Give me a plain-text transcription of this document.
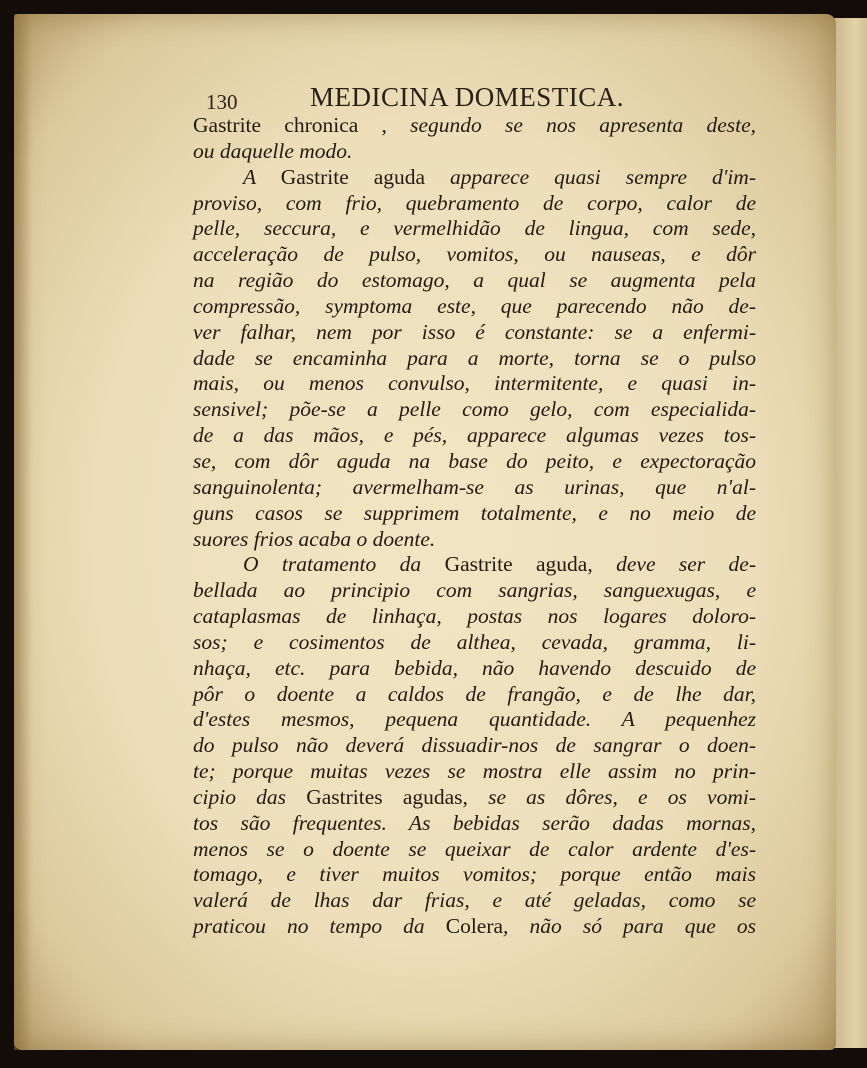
130	MEDICINA DOMESTICA.
Gastrite chronica , segundo se nos apresenta deste,
ou daquelle modo.
A Gastrite aguda apparece quasi sempre d'im-
proviso, com frio, quebramento de corpo, calor de
pelle, seccura, e vermelhidão de lingua, com sede,
acceleração de pulso, vomitos, ou nauseas, e dôr
na região do estomago, a qual se augmenta pela
compressão, symptoma este, que parecendo não de-
ver falhar, nem por isso é constante: se a enfermi-
dade se encaminha para a morte, torna se o pulso
mais, ou menos convulso, intermitente, e quasi in-
sensivel; põe-se a pelle como gelo, com especialida-
de a das mãos, e pés, apparece algumas vezes tos-
se, com dôr aguda na base do peito, e expectoração
sanguinolenta; avermelham-se as urinas, que n'al-
guns casos se supprimem totalmente, e no meio de
suores frios acaba o doente.
O tratamento da Gastrite aguda, deve ser de-
bellada ao principio com sangrias, sanguexugas, e
cataplasmas de linhaça, postas nos logares doloro-
sos; e cosimentos de althea, cevada, gramma, li-
nhaça, etc. para bebida, não havendo descuido de
pôr o doente a caldos de frangão, e de lhe dar,
d'estes mesmos, pequena quantidade. A pequenhez
do pulso não deverá dissuadir-nos de sangrar o doen-
te; porque muitas vezes se mostra elle assim no prin-
cipio das Gastrites agudas, se as dôres, e os vomi-
tos são frequentes. As bebidas serão dadas mornas,
menos se o doente se queixar de calor ardente d'es-
tomago, e tiver muitos vomitos; porque então mais
valerá de lhas dar frias, e até geladas, como se
praticou no tempo da Colera, não só para que os
